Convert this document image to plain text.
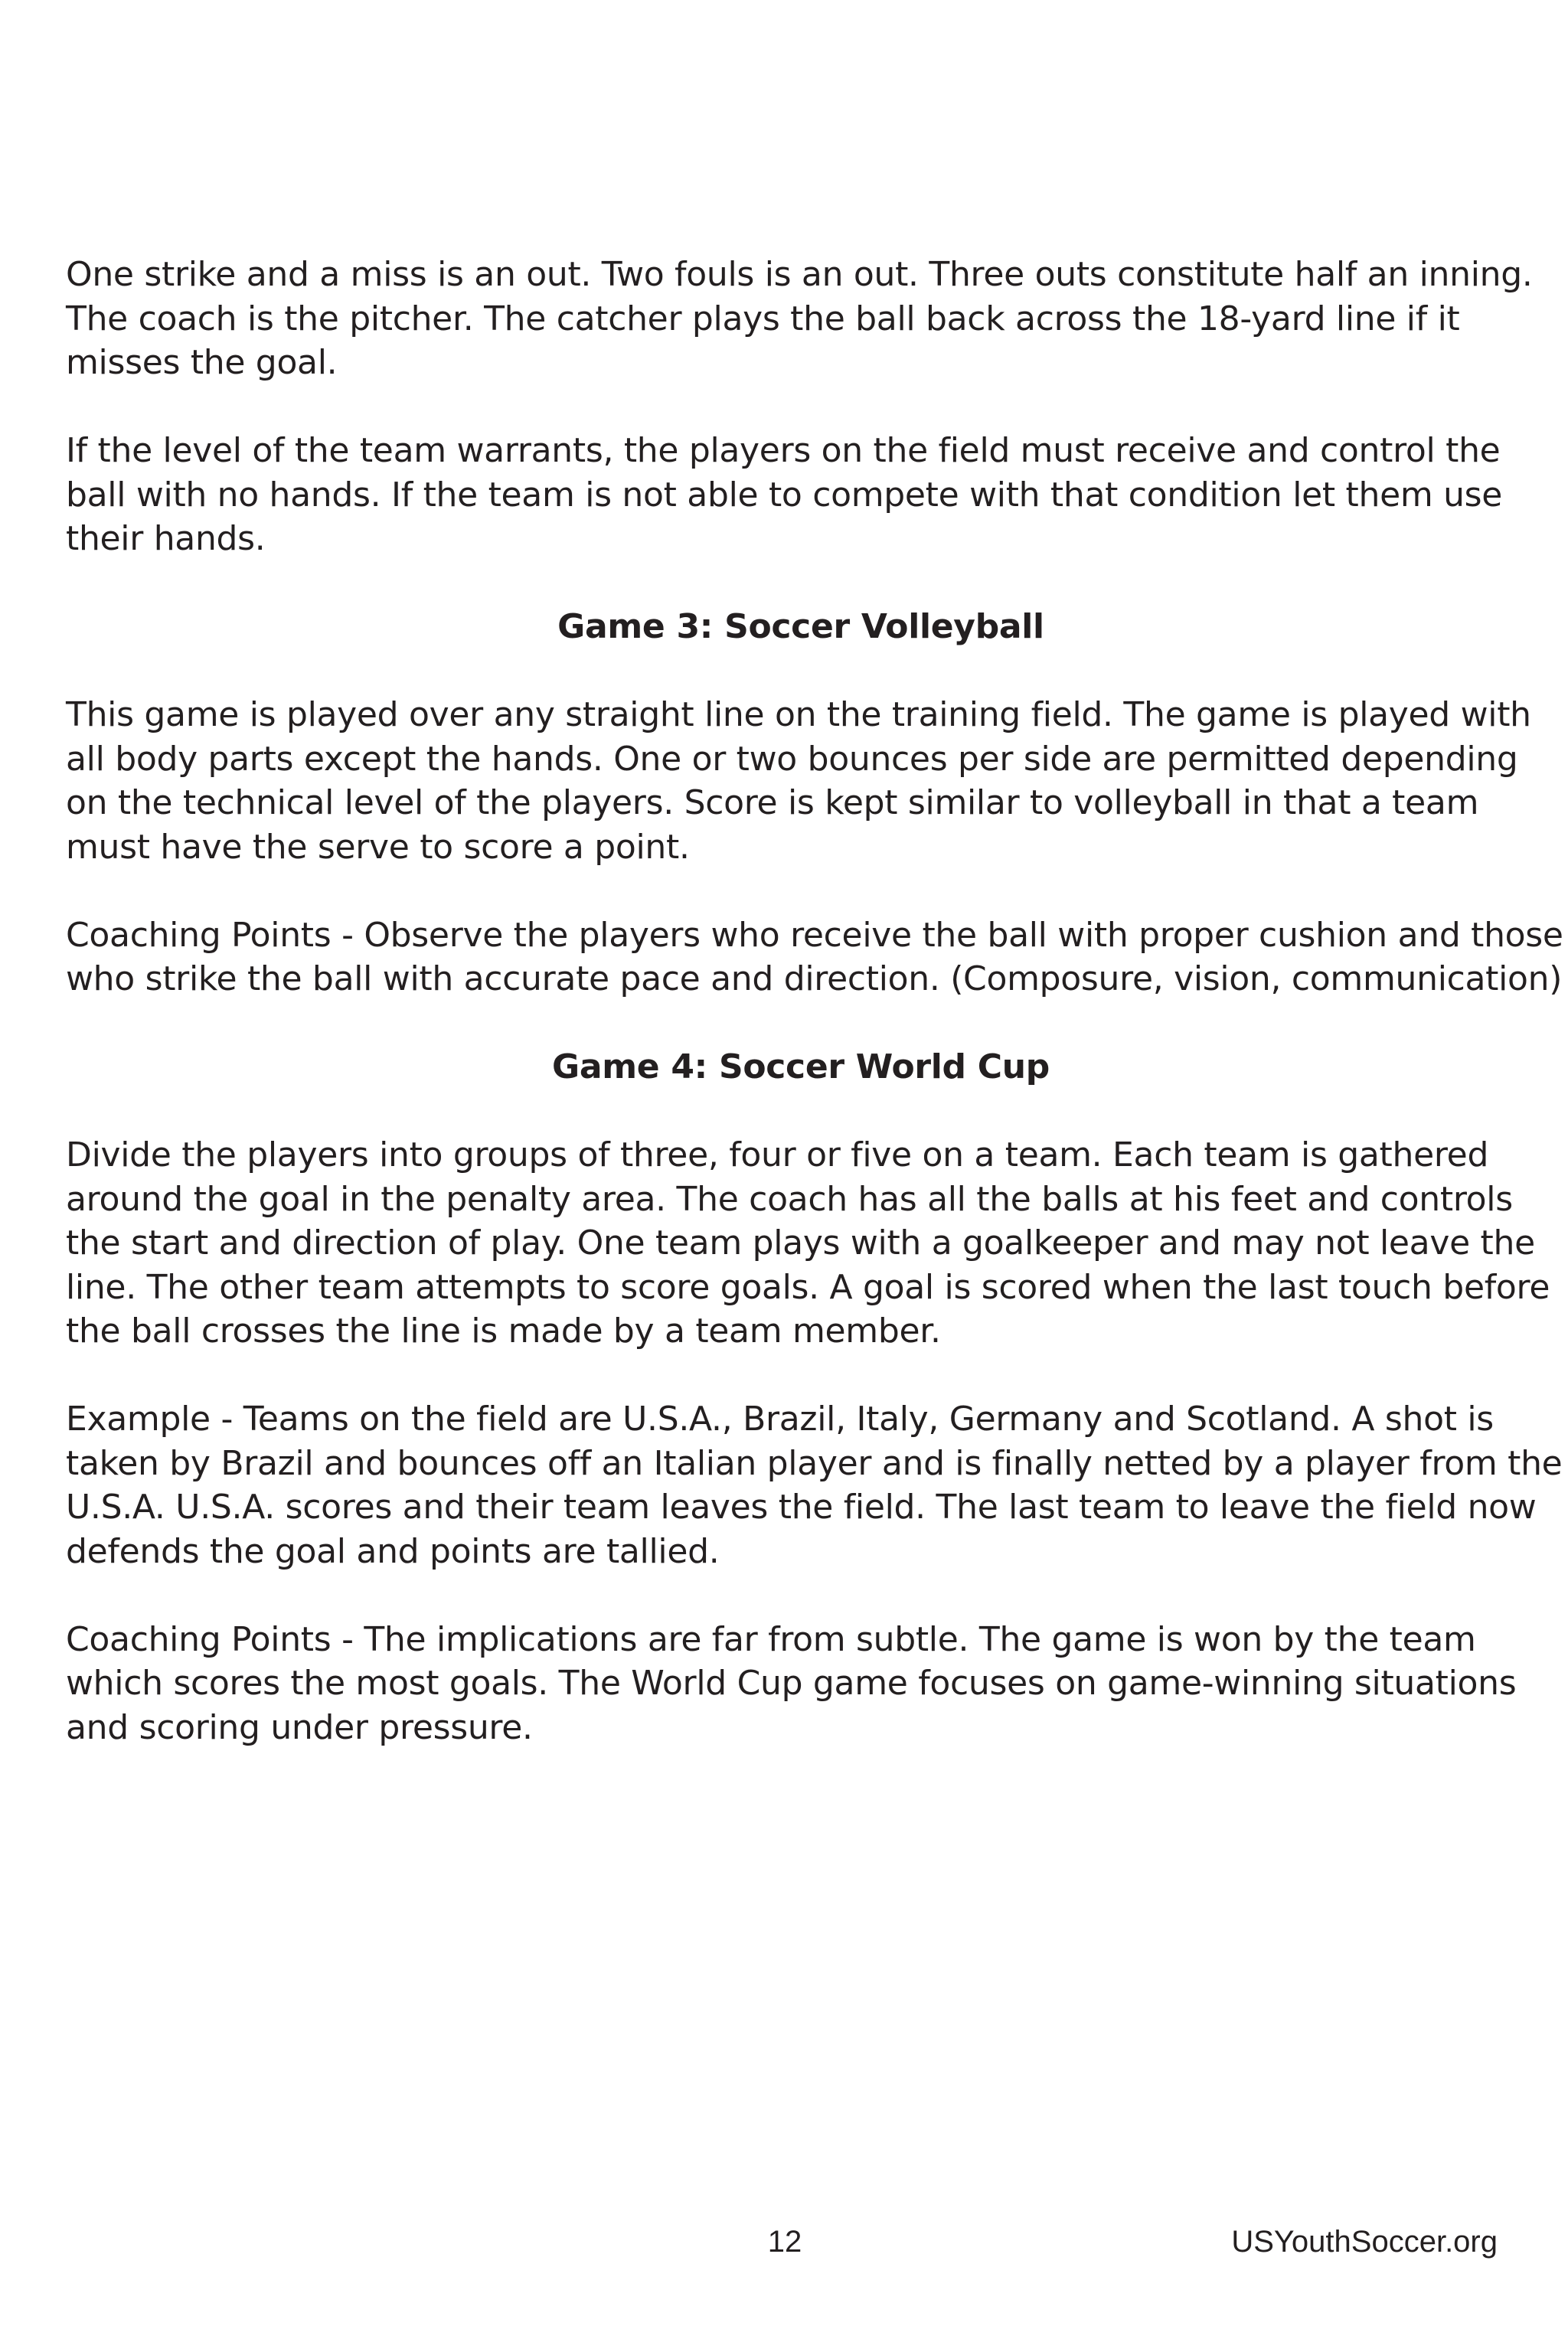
One strike and a miss is an out. Two fouls is an out. Three outs constitute half an inning.
The coach is the pitcher. The catcher plays the ball back across the 18-yard line if it
misses the goal.

If the level of the team warrants, the players on the field must receive and control the
ball with no hands. If the team is not able to compete with that condition let them use
their hands.

Game 3: Soccer Volleyball

This game is played over any straight line on the training field. The game is played with
all body parts except the hands. One or two bounces per side are permitted depending
on the technical level of the players. Score is kept similar to volleyball in that a team
must have the serve to score a point.

Coaching Points - Observe the players who receive the ball with proper cushion and those
who strike the ball with accurate pace and direction. (Composure, vision, communication)

Game 4: Soccer World Cup

Divide the players into groups of three, four or five on a team. Each team is gathered
around the goal in the penalty area. The coach has all the balls at his feet and controls
the start and direction of play. One team plays with a goalkeeper and may not leave the
line. The other team attempts to score goals. A goal is scored when the last touch before
the ball crosses the line is made by a team member.

Example - Teams on the field are U.S.A., Brazil, Italy, Germany and Scotland. A shot is
taken by Brazil and bounces off an Italian player and is finally netted by a player from the
U.S.A. U.S.A. scores and their team leaves the field. The last team to leave the field now
defends the goal and points are tallied.

Coaching Points - The implications are far from subtle. The game is won by the team
which scores the most goals. The World Cup game focuses on game-winning situations
and scoring under pressure.

12	USYouthSoccer.org
